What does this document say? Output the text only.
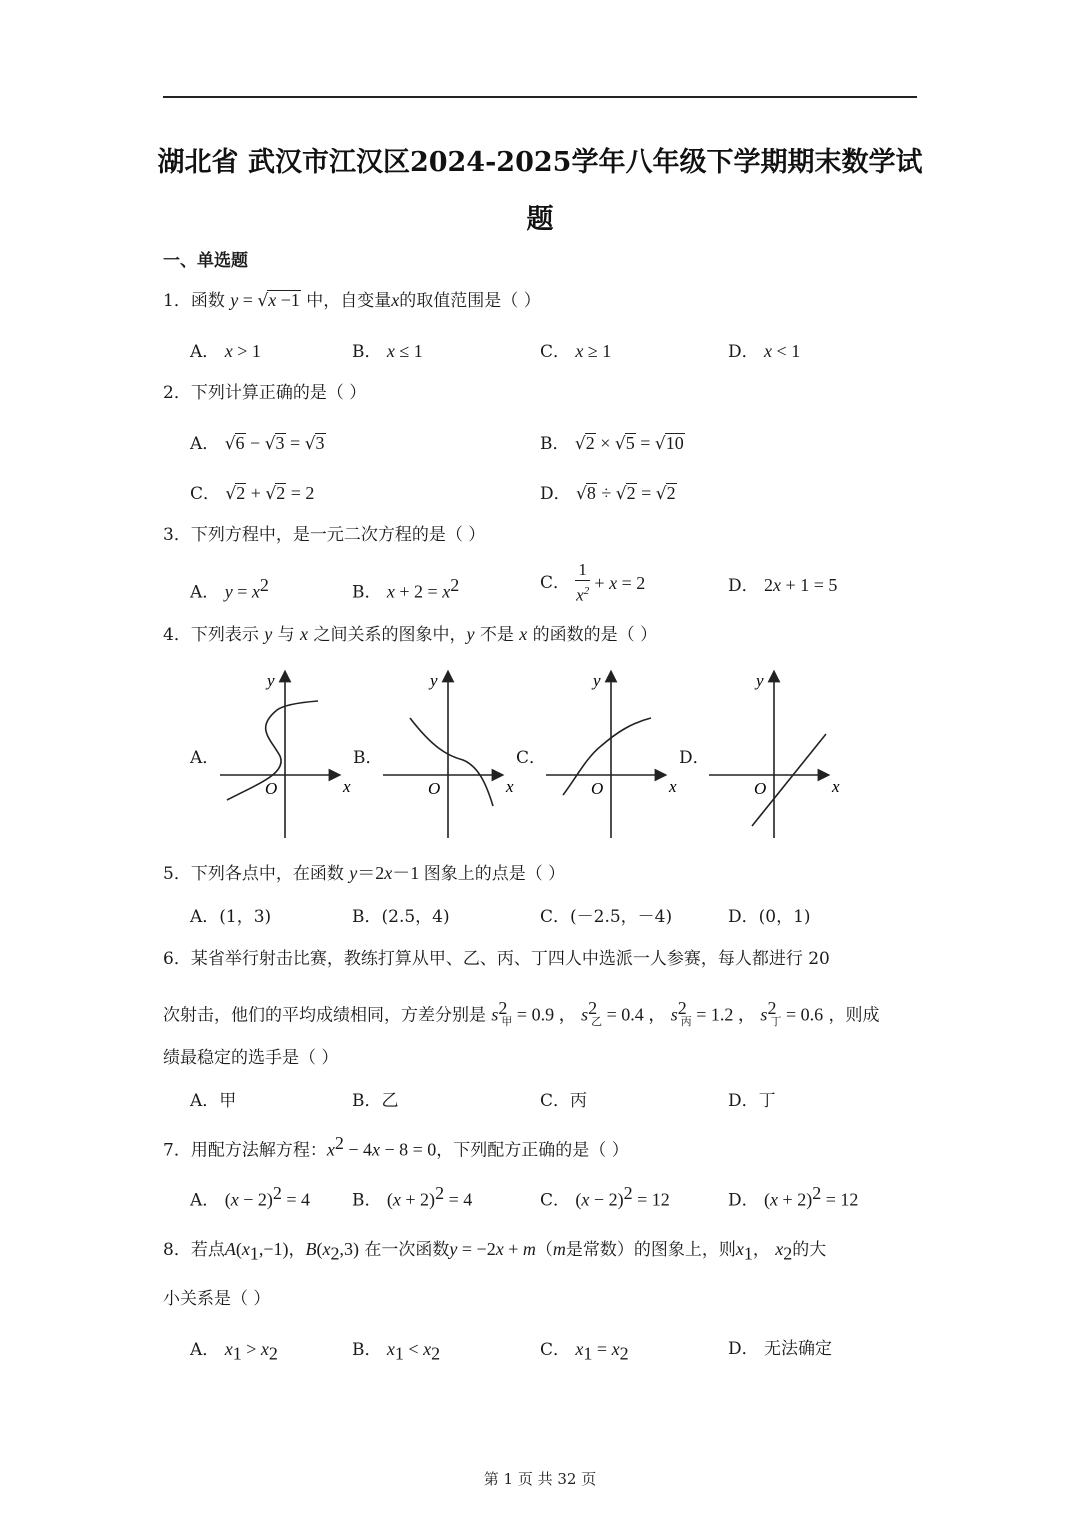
湖北省 武汉市江汉区2024-2025学年八年级下学期期末数学试
题
一、单选题
1．函数 y = √x −1 中，自变量x的取值范围是（ ）
A． x > 1	B． x ≤ 1	C． x ≥ 1	D． x < 1
2．下列计算正确的是（ ）
A． √6 − √3 = √3	B． √2 × √5 = √10
C． √2 + √2 = 2	D． √8 ÷ √2 = √2
3．下列方程中，是一元二次方程的是（ ）
A． $y = x^2$	B． $x + 2 = x^2$	C． $\frac{1}{x^2} + x = 2$	D． 2x + 1 = 5
4．下列表示 y 与 x 之间关系的图象中，y 不是 x 的函数的是（ ）
A．
y
x
O
B．
y
x
O
C．
y
x
O
D．
y
x
O
5．下列各点中，在函数 y＝2x－1 图象上的点是（ ）
A．(1，3)	B．(2.5，4)	C．(－2.5，－4)	D．(0，1)
6．某省举行射击比赛，教练打算从甲、乙、丙、丁四人中选派一人参赛，每人都进行 20
次射击，他们的平均成绩相同，方差分别是 $s^2_甲 = 0.9$ ， $s^2_乙 = 0.4$ ， $s^2_丙 = 1.2$ ， $s^2_丁 = 0.6$ ，则成
绩最稳定的选手是（ ）
A．甲	B．乙	C．丙	D．丁
7．用配方法解方程：$x^2 - 4x - 8 = 0$，下列配方正确的是（ ）
A． $(x - 2)^2 = 4$ B． $(x + 2)^2 = 4$	C． $(x - 2)^2 = 12$	D． $(x + 2)^2 = 12$
8．若点$A(x_1,-1)$，$B(x_2,3)$ 在一次函数y = −2x + m（m是常数）的图象上，则$x_1$， $x_2$的大
小关系是（ ）
A． $x_1 > x_2$	B． $x_1 < x_2$	C． $x_1 = x_2$	D． 无法确定
第 1 页 共 32 页
